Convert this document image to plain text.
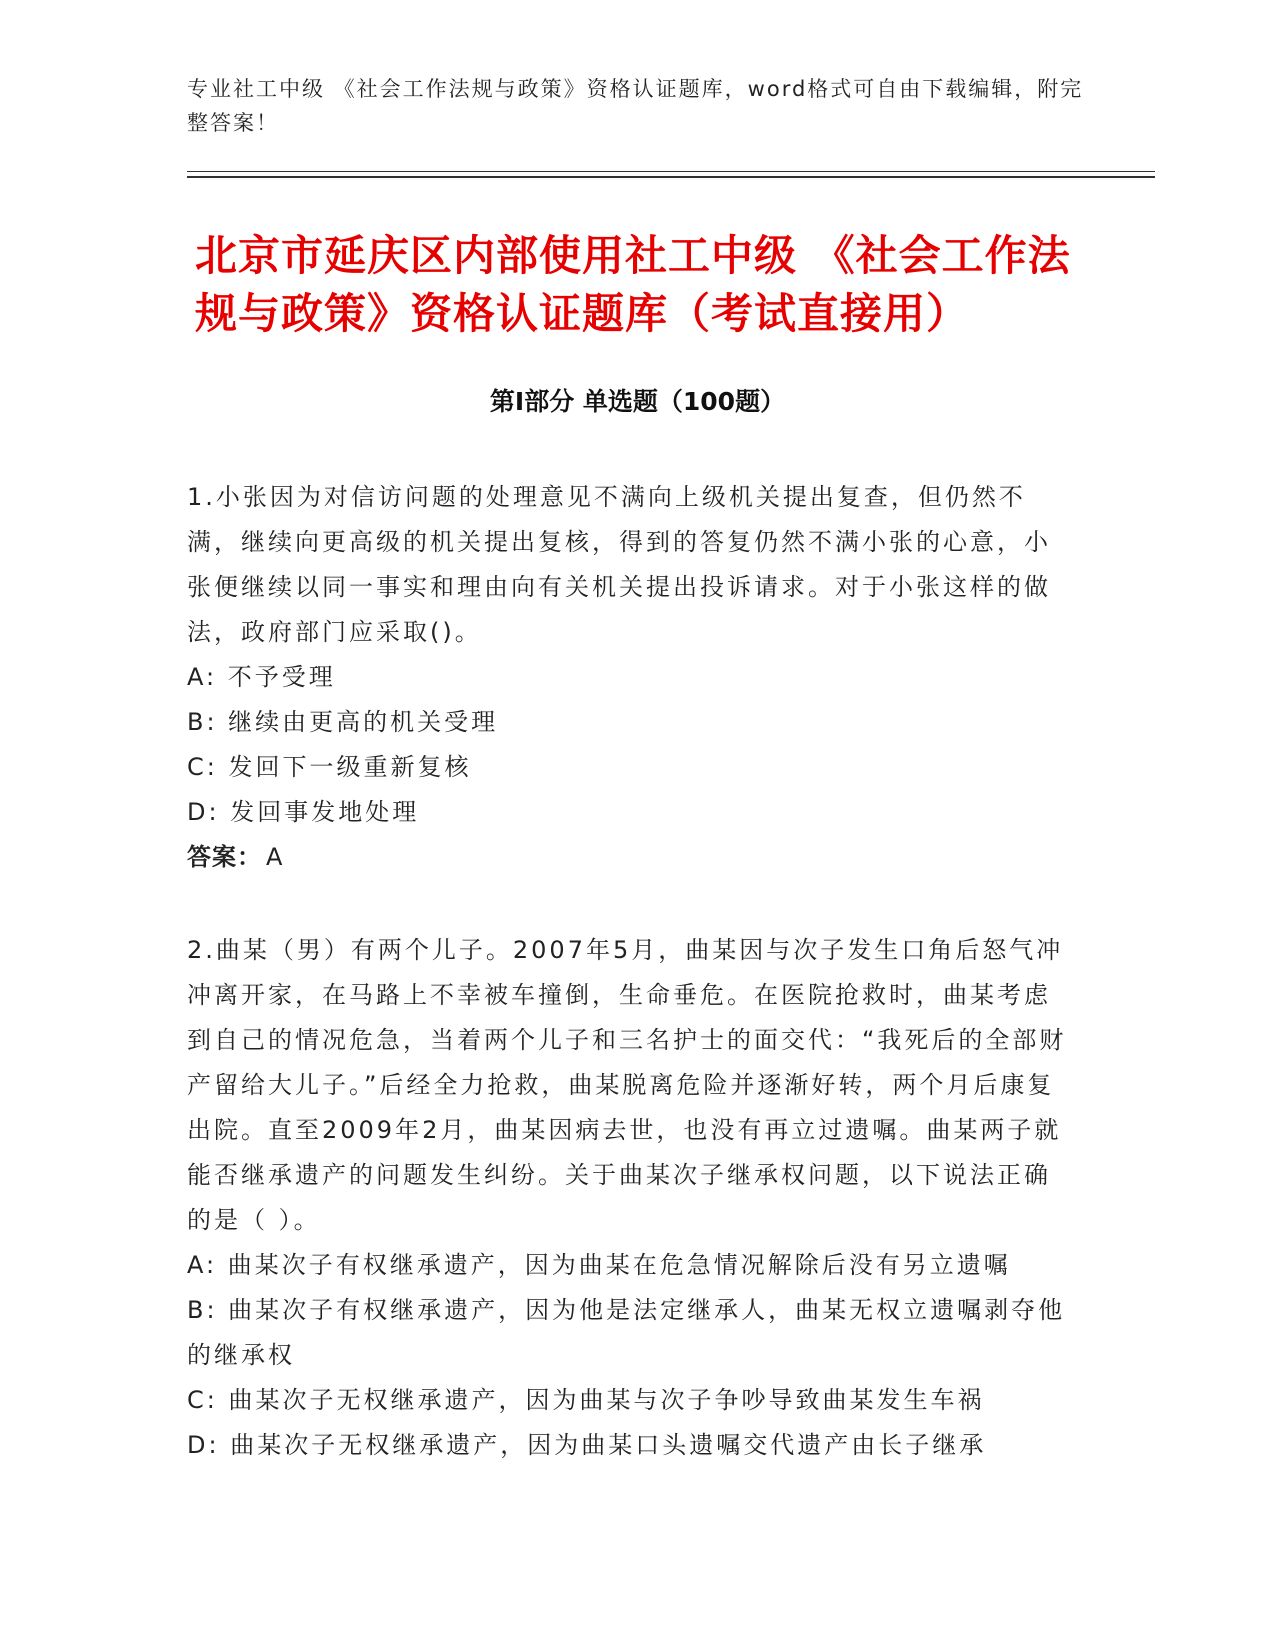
专业社工中级 《社会工作法规与政策》资格认证题库，word格式可自由下载编辑，附完整答案！
北京市延庆区内部使用社工中级 《社会工作法规与政策》资格认证题库（考试直接用）
第Ⅰ部分 单选题（100题）

1.小张因为对信访问题的处理意见不满向上级机关提出复查，但仍然不满，继续向更高级的机关提出复核，得到的答复仍然不满小张的心意，小张便继续以同一事实和理由向有关机关提出投诉请求。对于小张这样的做法，政府部门应采取()。

A: 不予受理

B: 继续由更高的机关受理

C: 发回下一级重新复核

D: 发回事发地处理

答案： A

2.曲某（男）有两个儿子。2007年5月，曲某因与次子发生口角后怒气冲冲离开家，在马路上不幸被车撞倒，生命垂危。在医院抢救时，曲某考虑到自己的情况危急，当着两个儿子和三名护士的面交代：“我死后的全部财产留给大儿子。”后经全力抢救，曲某脱离危险并逐渐好转，两个月后康复出院。直至2009年2月，曲某因病去世，也没有再立过遗嘱。曲某两子就能否继承遗产的问题发生纠纷。关于曲某次子继承权问题，以下说法正确的是（ ）。

A: 曲某次子有权继承遗产，因为曲某在危急情况解除后没有另立遗嘱

B: 曲某次子有权继承遗产，因为他是法定继承人，曲某无权立遗嘱剥夺他的继承权

C: 曲某次子无权继承遗产，因为曲某与次子争吵导致曲某发生车祸

D: 曲某次子无权继承遗产，因为曲某口头遗嘱交代遗产由长子继承
